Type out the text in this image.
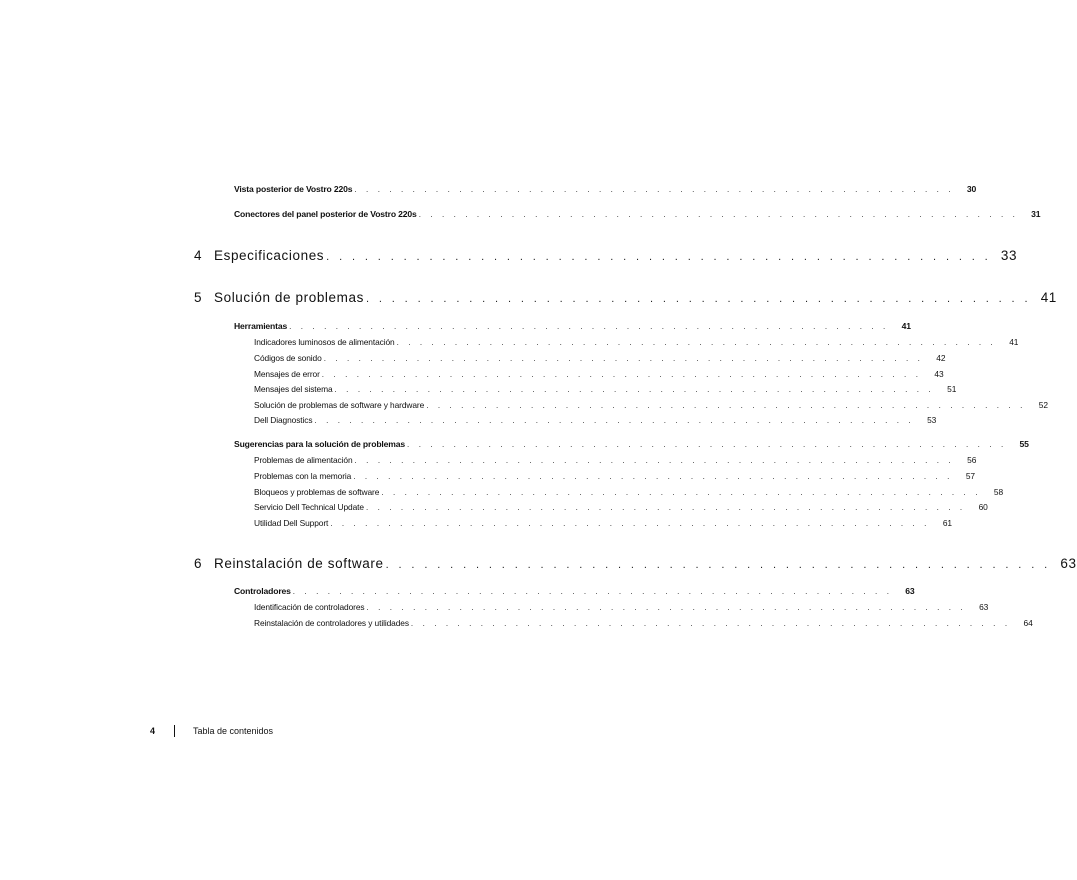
Vista posterior de Vostro 220s . . . . . . . . . . . . . . . . . . . . . . . . . . . . . . . . . . . . . . . . . . . . . . . . . . . .	30
Conectores del panel posterior de Vostro 220s . . . . . . . . . . . . . . . . . . . . . . . . . . . . . . . . . . . . . . . . . . . . . . . . . . . .	31
4 Especificaciones . . . . . . . . . . . . . . . . . . . . . . . . . . . . . . . . . . . . . . . . . . . . . . . . . . . . 33
5 Solución de problemas . . . . . . . . . . . . . . . . . . . . . . . . . . . . . . . . . . . . . . . . . . . . . . . . . . . . 41
Herramientas . . . . . . . . . . . . . . . . . . . . . . . . . . . . . . . . . . . . . . . . . . . . . . . . . . . .	41
Indicadores luminosos de alimentación . . . . . . . . . . . . . . . . . . . . . . . . . . . . . . . . . . . . . . . . . . . . . . . . . . . .	41
Códigos de sonido . . . . . . . . . . . . . . . . . . . . . . . . . . . . . . . . . . . . . . . . . . . . . . . . . . . .	42
Mensajes de error . . . . . . . . . . . . . . . . . . . . . . . . . . . . . . . . . . . . . . . . . . . . . . . . . . . .	43
Mensajes del sistema . . . . . . . . . . . . . . . . . . . . . . . . . . . . . . . . . . . . . . . . . . . . . . . . . . . .	51
Solución de problemas de software y hardware . . . . . . . . . . . . . . . . . . . . . . . . . . . . . . . . . . . . . . . . . . . . . . . . . . . .	52
Dell Diagnostics . . . . . . . . . . . . . . . . . . . . . . . . . . . . . . . . . . . . . . . . . . . . . . . . . . . .	53
Sugerencias para la solución de problemas . . . . . . . . . . . . . . . . . . . . . . . . . . . . . . . . . . . . . . . . . . . . . . . . . . . .	55
Problemas de alimentación . . . . . . . . . . . . . . . . . . . . . . . . . . . . . . . . . . . . . . . . . . . . . . . . . . . .	56
Problemas con la memoria . . . . . . . . . . . . . . . . . . . . . . . . . . . . . . . . . . . . . . . . . . . . . . . . . . . .	57
Bloqueos y problemas de software . . . . . . . . . . . . . . . . . . . . . . . . . . . . . . . . . . . . . . . . . . . . . . . . . . . .	58
Servicio Dell Technical Update . . . . . . . . . . . . . . . . . . . . . . . . . . . . . . . . . . . . . . . . . . . . . . . . . . . .	60
Utilidad Dell Support . . . . . . . . . . . . . . . . . . . . . . . . . . . . . . . . . . . . . . . . . . . . . . . . . . . .	61
6 Reinstalación de software . . . . . . . . . . . . . . . . . . . . . . . . . . . . . . . . . . . . . . . . . . . . . . . . . . . . 63
Controladores . . . . . . . . . . . . . . . . . . . . . . . . . . . . . . . . . . . . . . . . . . . . . . . . . . . .	63
Identificación de controladores . . . . . . . . . . . . . . . . . . . . . . . . . . . . . . . . . . . . . . . . . . . . . . . . . . . .	63
Reinstalación de controladores y utilidades . . . . . . . . . . . . . . . . . . . . . . . . . . . . . . . . . . . . . . . . . . . . . . . . . . . .	64
4	Tabla de contenidos
